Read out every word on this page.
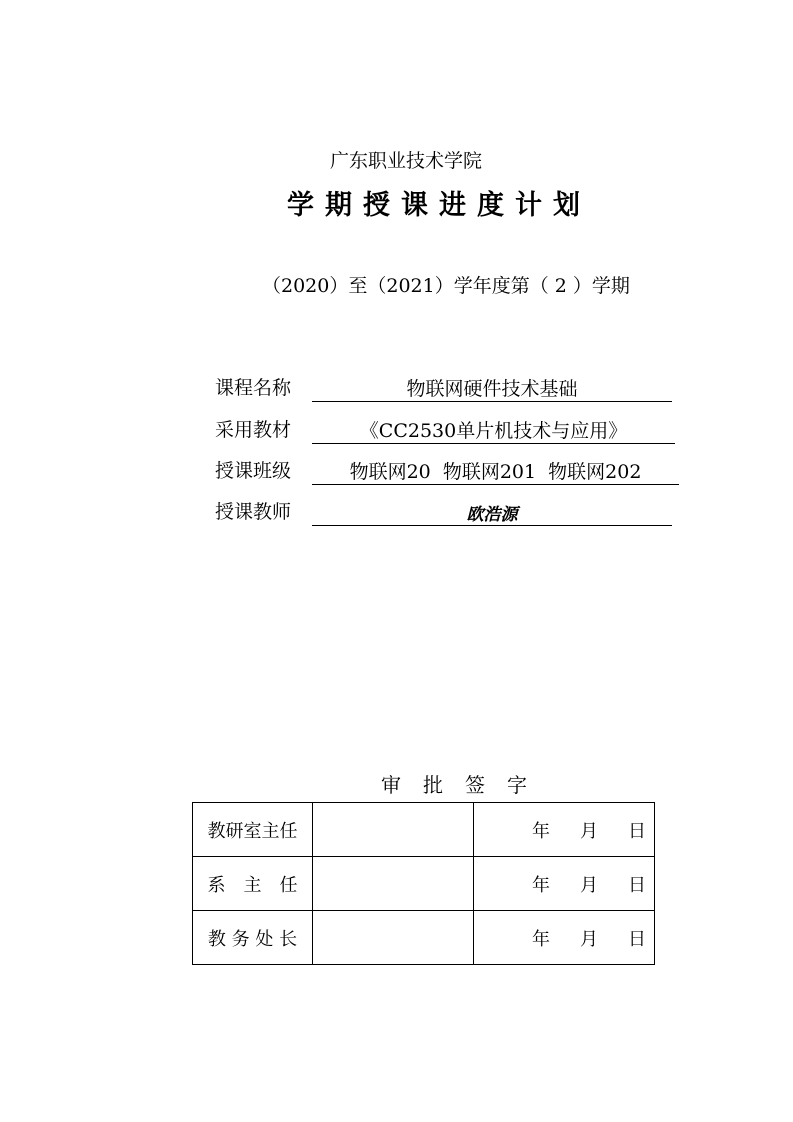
广东职业技术学院
学 期 授 课 进 度 计 划
（2020）至（2021）学年度第（ 2 ）学期
课程名称	物联网硬件技术基础
采用教材	《CC2530单片机技术与应用》
授课班级	物联网20  物联网201  物联网202
授课教师	欧浩源
审 批 签 字
教研室主任		年 月 日
系　主　任		年 月 日
教 务 处 长		年 月 日
